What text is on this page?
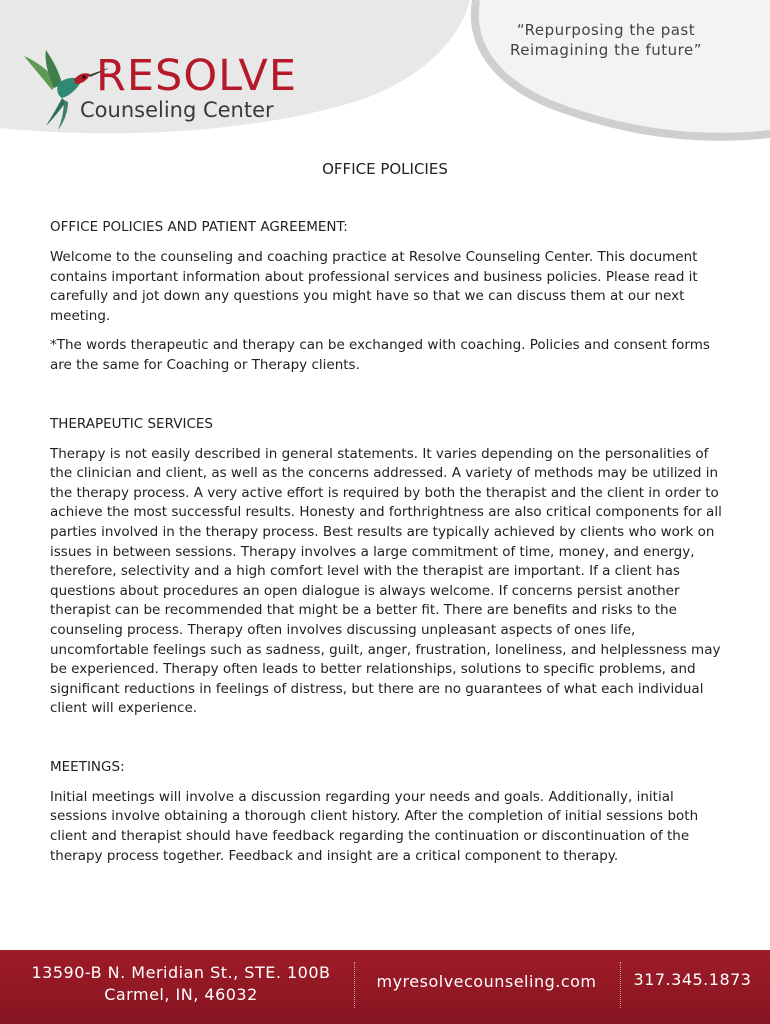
RESOLVE
Counseling Center
“Repurposing the past
Reimagining the future”
OFFICE POLICIES
OFFICE POLICIES AND PATIENT AGREEMENT:

Welcome to the counseling and coaching practice at Resolve Counseling Center. This document contains important information about professional services and business policies. Please read it carefully and jot down any questions you might have so that we can discuss them at our next meeting.

*The words therapeutic and therapy can be exchanged with coaching. Policies and consent forms are the same for Coaching or Therapy clients.

THERAPEUTIC SERVICES

Therapy is not easily described in general statements. It varies depending on the personalities of the clinician and client, as well as the concerns addressed. A variety of methods may be utilized in the therapy process. A very active effort is required by both the therapist and the client in order to achieve the most successful results. Honesty and forthrightness are also critical components for all parties involved in the therapy process. Best results are typically achieved by clients who work on issues in between sessions. Therapy involves a large commitment of time, money, and energy, therefore, selectivity and a high comfort level with the therapist are important. If a client has questions about procedures an open dialogue is always welcome. If concerns persist another therapist can be recommended that might be a better fit. There are benefits and risks to the counseling process. Therapy often involves discussing unpleasant aspects of ones life, uncomfortable feelings such as sadness, guilt, anger, frustration, loneliness, and helplessness may be experienced. Therapy often leads to better relationships, solutions to specific problems, and significant reductions in feelings of distress, but there are no guarantees of what each individual client will experience.

MEETINGS:

Initial meetings will involve a discussion regarding your needs and goals. Additionally, initial sessions involve obtaining a thorough client history. After the completion of initial sessions both client and therapist should have feedback regarding the continuation or discontinuation of the therapy process together. Feedback and insight are a critical component to therapy.

13590-B N. Meridian St., STE. 100B
Carmel, IN, 46032
myresolvecounseling.com	317.345.1873
